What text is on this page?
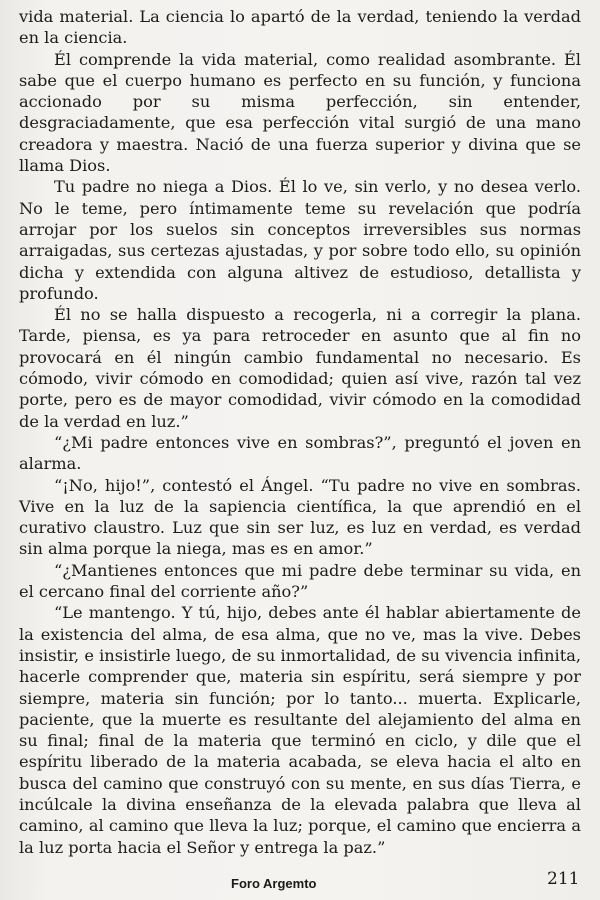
vida material. La ciencia lo apartó de la verdad, teniendo la verdad en la ciencia.

Él comprende la vida material, como realidad asombrante. Él sabe que el cuerpo humano es perfecto en su función, y funciona accionado por su misma perfección, sin entender, desgraciadamente, que esa perfección vital surgió de una mano creadora y maestra. Nació de una fuerza superior y divina que se llama Dios.

Tu padre no niega a Dios. Él lo ve, sin verlo, y no desea verlo. No le teme, pero íntimamente teme su revelación que podría arrojar por los suelos sin conceptos irreversibles sus normas arraigadas, sus certezas ajustadas, y por sobre todo ello, su opinión dicha y extendida con alguna altivez de estudioso, detallista y profundo.

Él no se halla dispuesto a recogerla, ni a corregir la plana. Tarde, piensa, es ya para retroceder en asunto que al fin no provocará en él ningún cambio fundamental no necesario. Es cómodo, vivir cómodo en comodidad; quien así vive, razón tal vez porte, pero es de mayor comodidad, vivir cómodo en la comodidad de la verdad en luz.”

“¿Mi padre entonces vive en sombras?”, preguntó el joven en alarma.

“¡No, hijo!”, contestó el Ángel. “Tu padre no vive en sombras. Vive en la luz de la sapiencia científica, la que aprendió en el curativo claustro. Luz que sin ser luz, es luz en verdad, es verdad sin alma porque la niega, mas es en amor.”

“¿Mantienes entonces que mi padre debe terminar su vida, en el cercano final del corriente año?”

“Le mantengo. Y tú, hijo, debes ante él hablar abiertamente de la existencia del alma, de esa alma, que no ve, mas la vive. Debes insistir, e insistirle luego, de su inmortalidad, de su vivencia infinita, hacerle comprender que, materia sin espíritu, será siempre y por siempre, materia sin función; por lo tanto... muerta. Explicarle, paciente, que la muerte es resultante del alejamiento del alma en su final; final de la materia que terminó en ciclo, y dile que el espíritu liberado de la materia acabada, se eleva hacia el alto en busca del camino que construyó con su mente, en sus días Tierra, e incúlcale la divina enseñanza de la elevada palabra que lleva al camino, al camino que lleva la luz; porque, el camino que encierra a la luz porta hacia el Señor y entrega la paz.”

Foro Argemto	211
